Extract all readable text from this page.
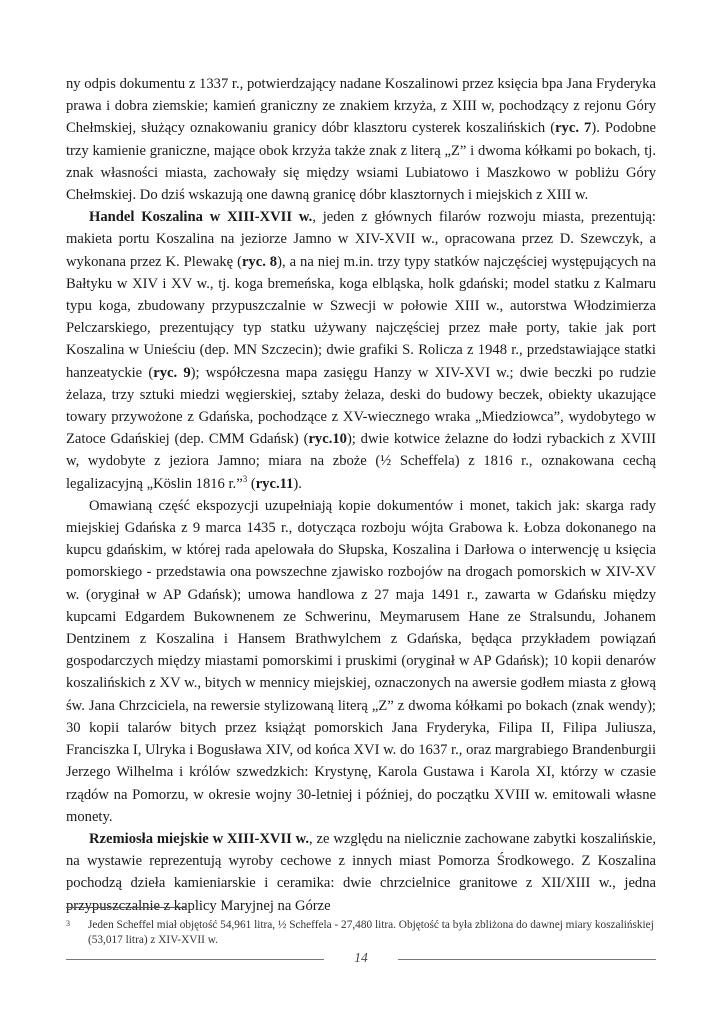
ny odpis dokumentu z 1337 r., potwierdzający nadane Koszalinowi przez księcia bpa Jana Fryderyka prawa i dobra ziemskie; kamień graniczny ze znakiem krzyża, z XIII w, pochodzący z rejonu Góry Chełmskiej, służący oznakowaniu granicy dóbr klasztoru cysterek koszalińskich (ryc. 7). Podobne trzy kamienie graniczne, mające obok krzyża także znak z literą „Z” i dwoma kółkami po bokach, tj. znak własności miasta, zachowały się między wsiami Lubiatowo i Maszkowo w pobliżu Góry Chełmskiej. Do dziś wskazują one dawną granicę dóbr klasztornych i miejskich z XIII w.

Handel Koszalina w XIII-XVII w., jeden z głównych filarów rozwoju miasta, prezentują: makieta portu Koszalina na jeziorze Jamno w XIV-XVII w., opracowana przez D. Szewczyk, a wykonana przez K. Plewakę (ryc. 8), a na niej m.in. trzy typy statków najczęściej występujących na Bałtyku w XIV i XV w., tj. koga bremeńska, koga elbląska, holk gdański; model statku z Kalmaru typu koga, zbudowany przypuszczalnie w Szwecji w połowie XIII w., autorstwa Włodzimierza Pelczarskiego, prezentujący typ statku używany najczęściej przez małe porty, takie jak port Koszalina w Unieściu (dep. MN Szczecin); dwie grafiki S. Rolicza z 1948 r., przedstawiające statki hanzeatyckie (ryc. 9); współczesna mapa zasięgu Hanzy w XIV-XVI w.; dwie beczki po rudzie żelaza, trzy sztuki miedzi węgierskiej, sztaby żelaza, deski do budowy beczek, obiekty ukazujące towary przywożone z Gdańska, pochodzące z XV-wiecznego wraka „Miedziowca”, wydobytego w Zatoce Gdańskiej (dep. CMM Gdańsk) (ryc.10); dwie kotwice żelazne do łodzi rybackich z XVIII w, wydobyte z jeziora Jamno; miara na zboże (½ Scheffela) z 1816 r., oznakowana cechą legalizacyjną „Köslin 1816 r.”$^3$ (ryc.11).

Omawianą część ekspozycji uzupełniają kopie dokumentów i monet, takich jak: skarga rady miejskiej Gdańska z 9 marca 1435 r., dotycząca rozboju wójta Grabowa k. Łobza dokonanego na kupcu gdańskim, w której rada apelowała do Słupska, Koszalina i Darłowa o interwencję u księcia pomorskiego - przedstawia ona powszechne zjawisko rozbojów na drogach pomorskich w XIV-XV w. (oryginał w AP Gdańsk); umowa handlowa z 27 maja 1491 r., zawarta w Gdańsku między kupcami Edgardem Bukownenem ze Schwerinu, Meymarusem Hane ze Stralsundu, Johanem Dentzinem z Koszalina i Hansem Brathwylchem z Gdańska, będąca przykładem powiązań gospodarczych między miastami pomorskimi i pruskimi (oryginał w AP Gdańsk); 10 kopii denarów koszalińskich z XV w., bitych w mennicy miejskiej, oznaczonych na awersie godłem miasta z głową św. Jana Chrzciciela, na rewersie stylizowaną literą „Z” z dwoma kółkami po bokach (znak wendy); 30 kopii talarów bitych przez książąt pomorskich Jana Fryderyka, Filipa II, Filipa Juliusza, Franciszka I, Ulryka i Bogusława XIV, od końca XVI w. do 1637 r., oraz margrabiego Brandenburgii Jerzego Wilhelma i królów szwedzkich: Krystynę, Karola Gustawa i Karola XI, którzy w czasie rządów na Pomorzu, w okresie wojny 30-letniej i później, do początku XVIII w. emitowali własne monety.

Rzemiosła miejskie w XIII-XVII w., ze względu na nielicznie zachowane zabytki koszalińskie, na wystawie reprezentują wyroby cechowe z innych miast Pomorza Środkowego. Z Koszalina pochodzą dzieła kamieniarskie i ceramika: dwie chrzcielnice granitowe z XII/XIII w., jedna przypuszczalnie z kaplicy Maryjnej na Górze

3	Jeden Scheffel miał objętość 54,961 litra, ½ Scheffela - 27,480 litra. Objętość ta była zbliżona do dawnej miary koszalińskiej (53,017 litra) z XIV-XVII w.
14
